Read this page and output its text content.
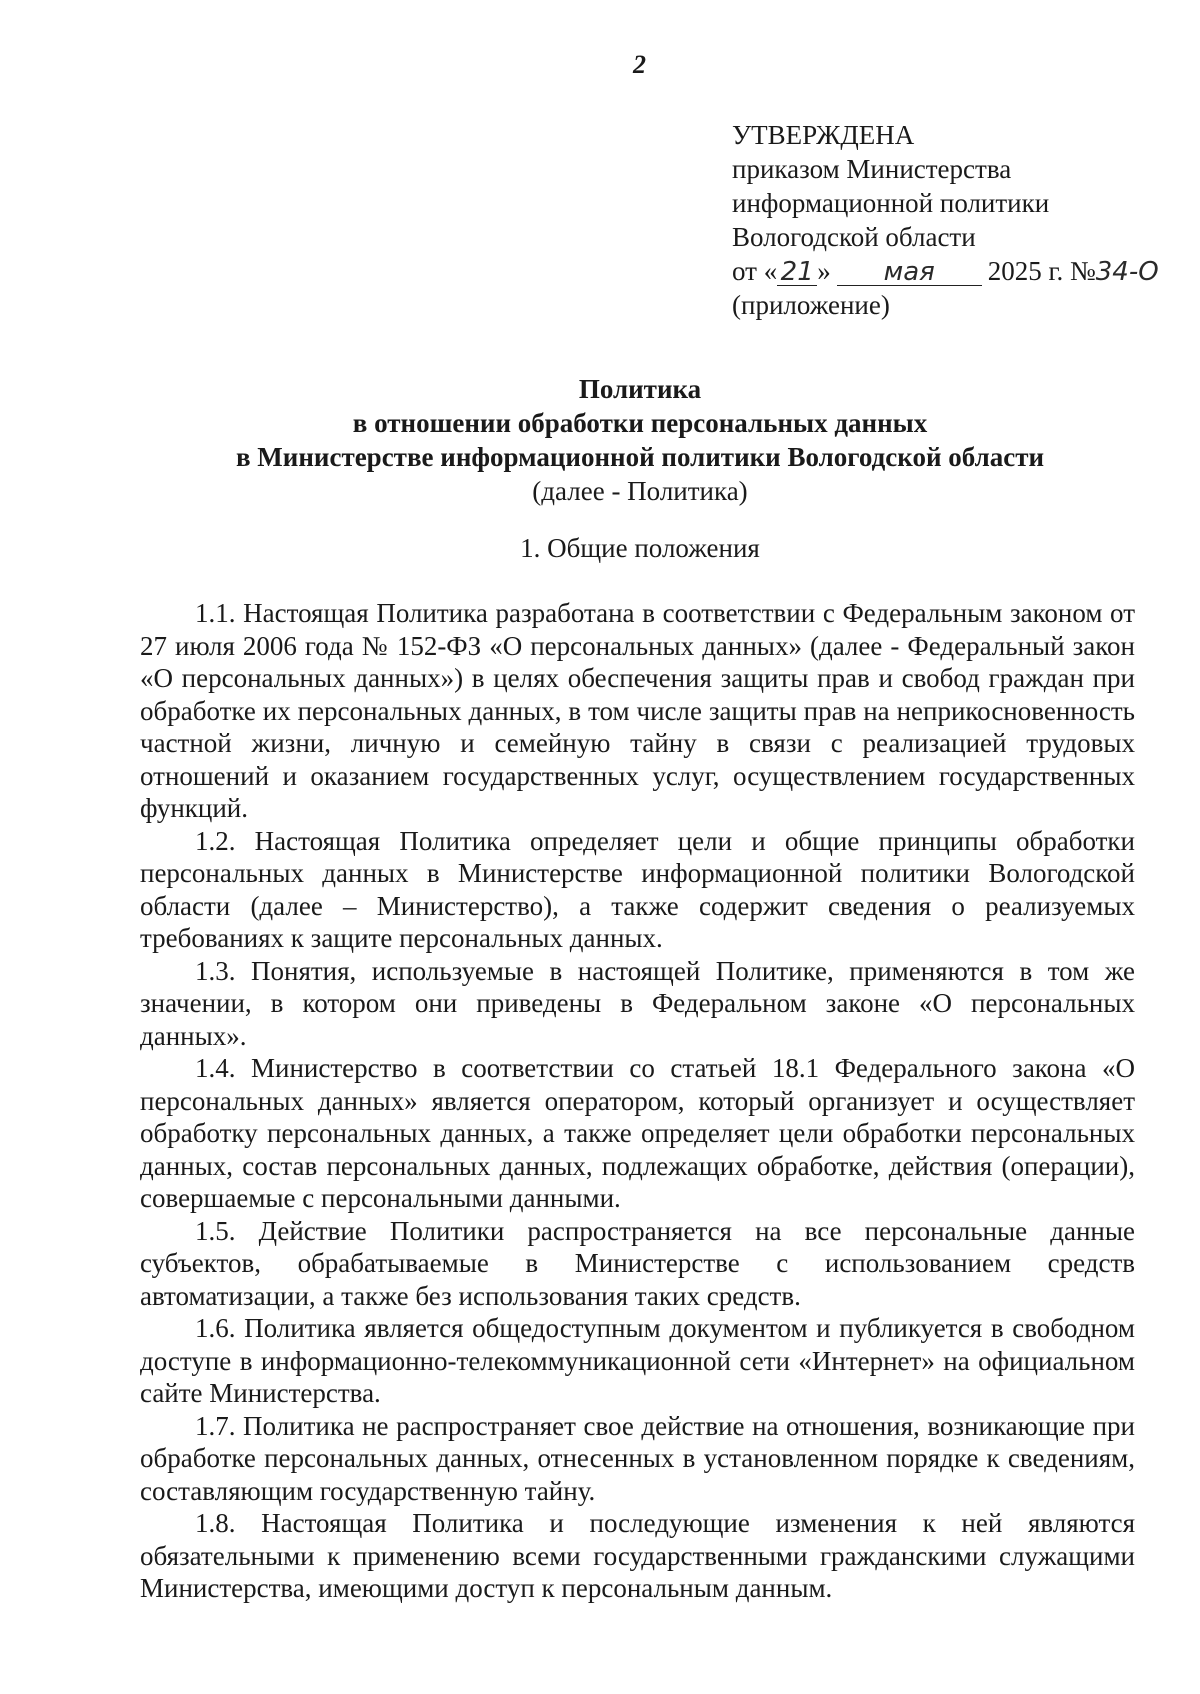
2
УТВЕРЖДЕНА
приказом Министерства
информационной политики
Вологодской области
от « 21 » мая 2025 г. №34-О
(приложение)
Политика
в отношении обработки персональных данных
в Министерстве информационной политики Вологодской области
(далее - Политика)
1. Общие положения

1.1. Настоящая Политика разработана в соответствии с Федеральным законом от 27 июля 2006 года № 152-ФЗ «О персональных данных» (далее - Федеральный закон «О персональных данных») в целях обеспечения защиты прав и свобод граждан при обработке их персональных данных, в том числе защиты прав на неприкосновенность частной жизни, личную и семейную тайну в связи с реализацией трудовых отношений и оказанием государственных услуг, осуществлением государственных функций.

1.2. Настоящая Политика определяет цели и общие принципы обработки персональных данных в Министерстве информационной политики Вологодской области (далее – Министерство), а также содержит сведения о реализуемых требованиях к защите персональных данных.

1.3. Понятия, используемые в настоящей Политике, применяются в том же значении, в котором они приведены в Федеральном законе «О персональных данных».

1.4. Министерство в соответствии со статьей 18.1 Федерального закона «О персональных данных» является оператором, который организует и осуществляет обработку персональных данных, а также определяет цели обработки персональных данных, состав персональных данных, подлежащих обработке, действия (операции), совершаемые с персональными данными.

1.5. Действие Политики распространяется на все персональные данные субъектов, обрабатываемые в Министерстве с использованием средств автоматизации, а также без использования таких средств.

1.6. Политика является общедоступным документом и публикуется в свободном доступе в информационно-телекоммуникационной сети «Интернет» на официальном сайте Министерства.

1.7. Политика не распространяет свое действие на отношения, возникающие при обработке персональных данных, отнесенных в установленном порядке к сведениям, составляющим государственную тайну.

1.8. Настоящая Политика и последующие изменения к ней являются обязательными к применению всеми государственными гражданскими служащими Министерства, имеющими доступ к персональным данным.
